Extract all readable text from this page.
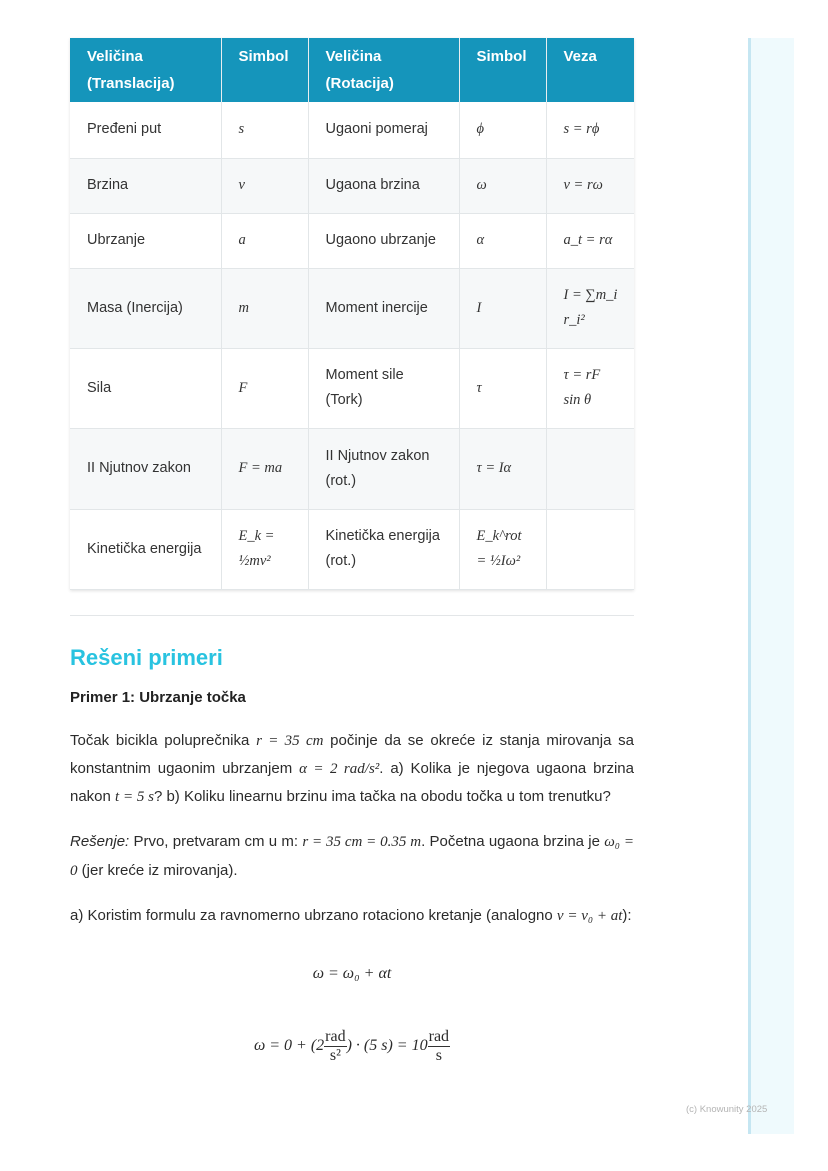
(c) Knowunity 2025
Veličina (Translacija)	Simbol	Veličina (Rotacija)	Simbol	Veza
Pređeni put	s	Ugaoni pomeraj	ϕ	s = rϕ
Brzina	v	Ugaona brzina	ω	v = rω
Ubrzanje	a	Ugaono ubrzanje	α	a_t = rα
Masa (Inercija)	m	Moment inercije	I	I = ∑m_i r_i²
Sila	F	Moment sile (Tork)	τ	τ = rF sin θ
II Njutnov zakon	F = ma	II Njutnov zakon (rot.)	τ = Iα	
Kinetička energija	E_k = ½mv²	Kinetička energija (rot.)	E_k^rot = ½Iω²	
Rešeni primeri
Primer 1: Ubrzanje točka

Točak bicikla poluprečnika r = 35 cm počinje da se okreće iz stanja mirovanja sa konstantnim ugaonim ubrzanjem α = 2 rad/s². a) Kolika je njegova ugaona brzina nakon t = 5 s? b) Koliku linearnu brzinu ima tačka na obodu točka u tom trenutku?

Rešenje: Prvo, pretvaram cm u m: r = 35 cm = 0.35 m. Početna ugaona brzina je ω₀ = 0 (jer kreće iz mirovanja).

a) Koristim formulu za ravnomerno ubrzano rotaciono kretanje (analogno v = v₀ + at):

ω = ω₀ + αt
$\omega = 0 + (2 \frac{\text{rad}}{\text{s²}}$ ) · (5 $s) = 10 \frac{\text{rad}}{s}$
